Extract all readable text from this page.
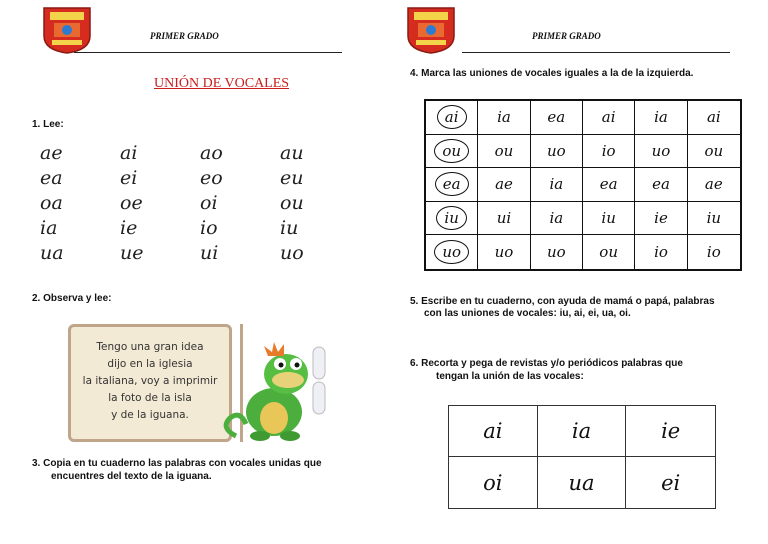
PRIMER GRADO
UNIÓN DE VOCALES
1. Lee:
ae	ai	ao	au
ea	ei	eo	eu
oa	oe	oi	ou
ia	ie	io	iu
ua	ue	ui	uo
2. Observa y lee:
Tengo una gran idea
dijo en la iglesia
la italiana, voy a imprimir
la foto de la isla
y de la iguana.
3. Copia en tu cuaderno las palabras con vocales unidas que
encuentres del texto de la iguana.
PRIMER GRADO
4. Marca las uniones de vocales iguales a la de la izquierda.
ai	ia ea ai	ia	ai
ou	ou uo io uo ou
ea	ae ia ea ea ae
iu	ui	ia	iu	ie	iu
uo	uo uo ou io	io
5. Escribe en tu cuaderno, con ayuda de mamá o papá, palabras
con las uniones de vocales: iu, ai, ei, ua, oi.
6. Recorta y pega de revistas y/o periódicos palabras que
tengan la unión de las vocales:
ai	ia	ie
oi	ua	ei
